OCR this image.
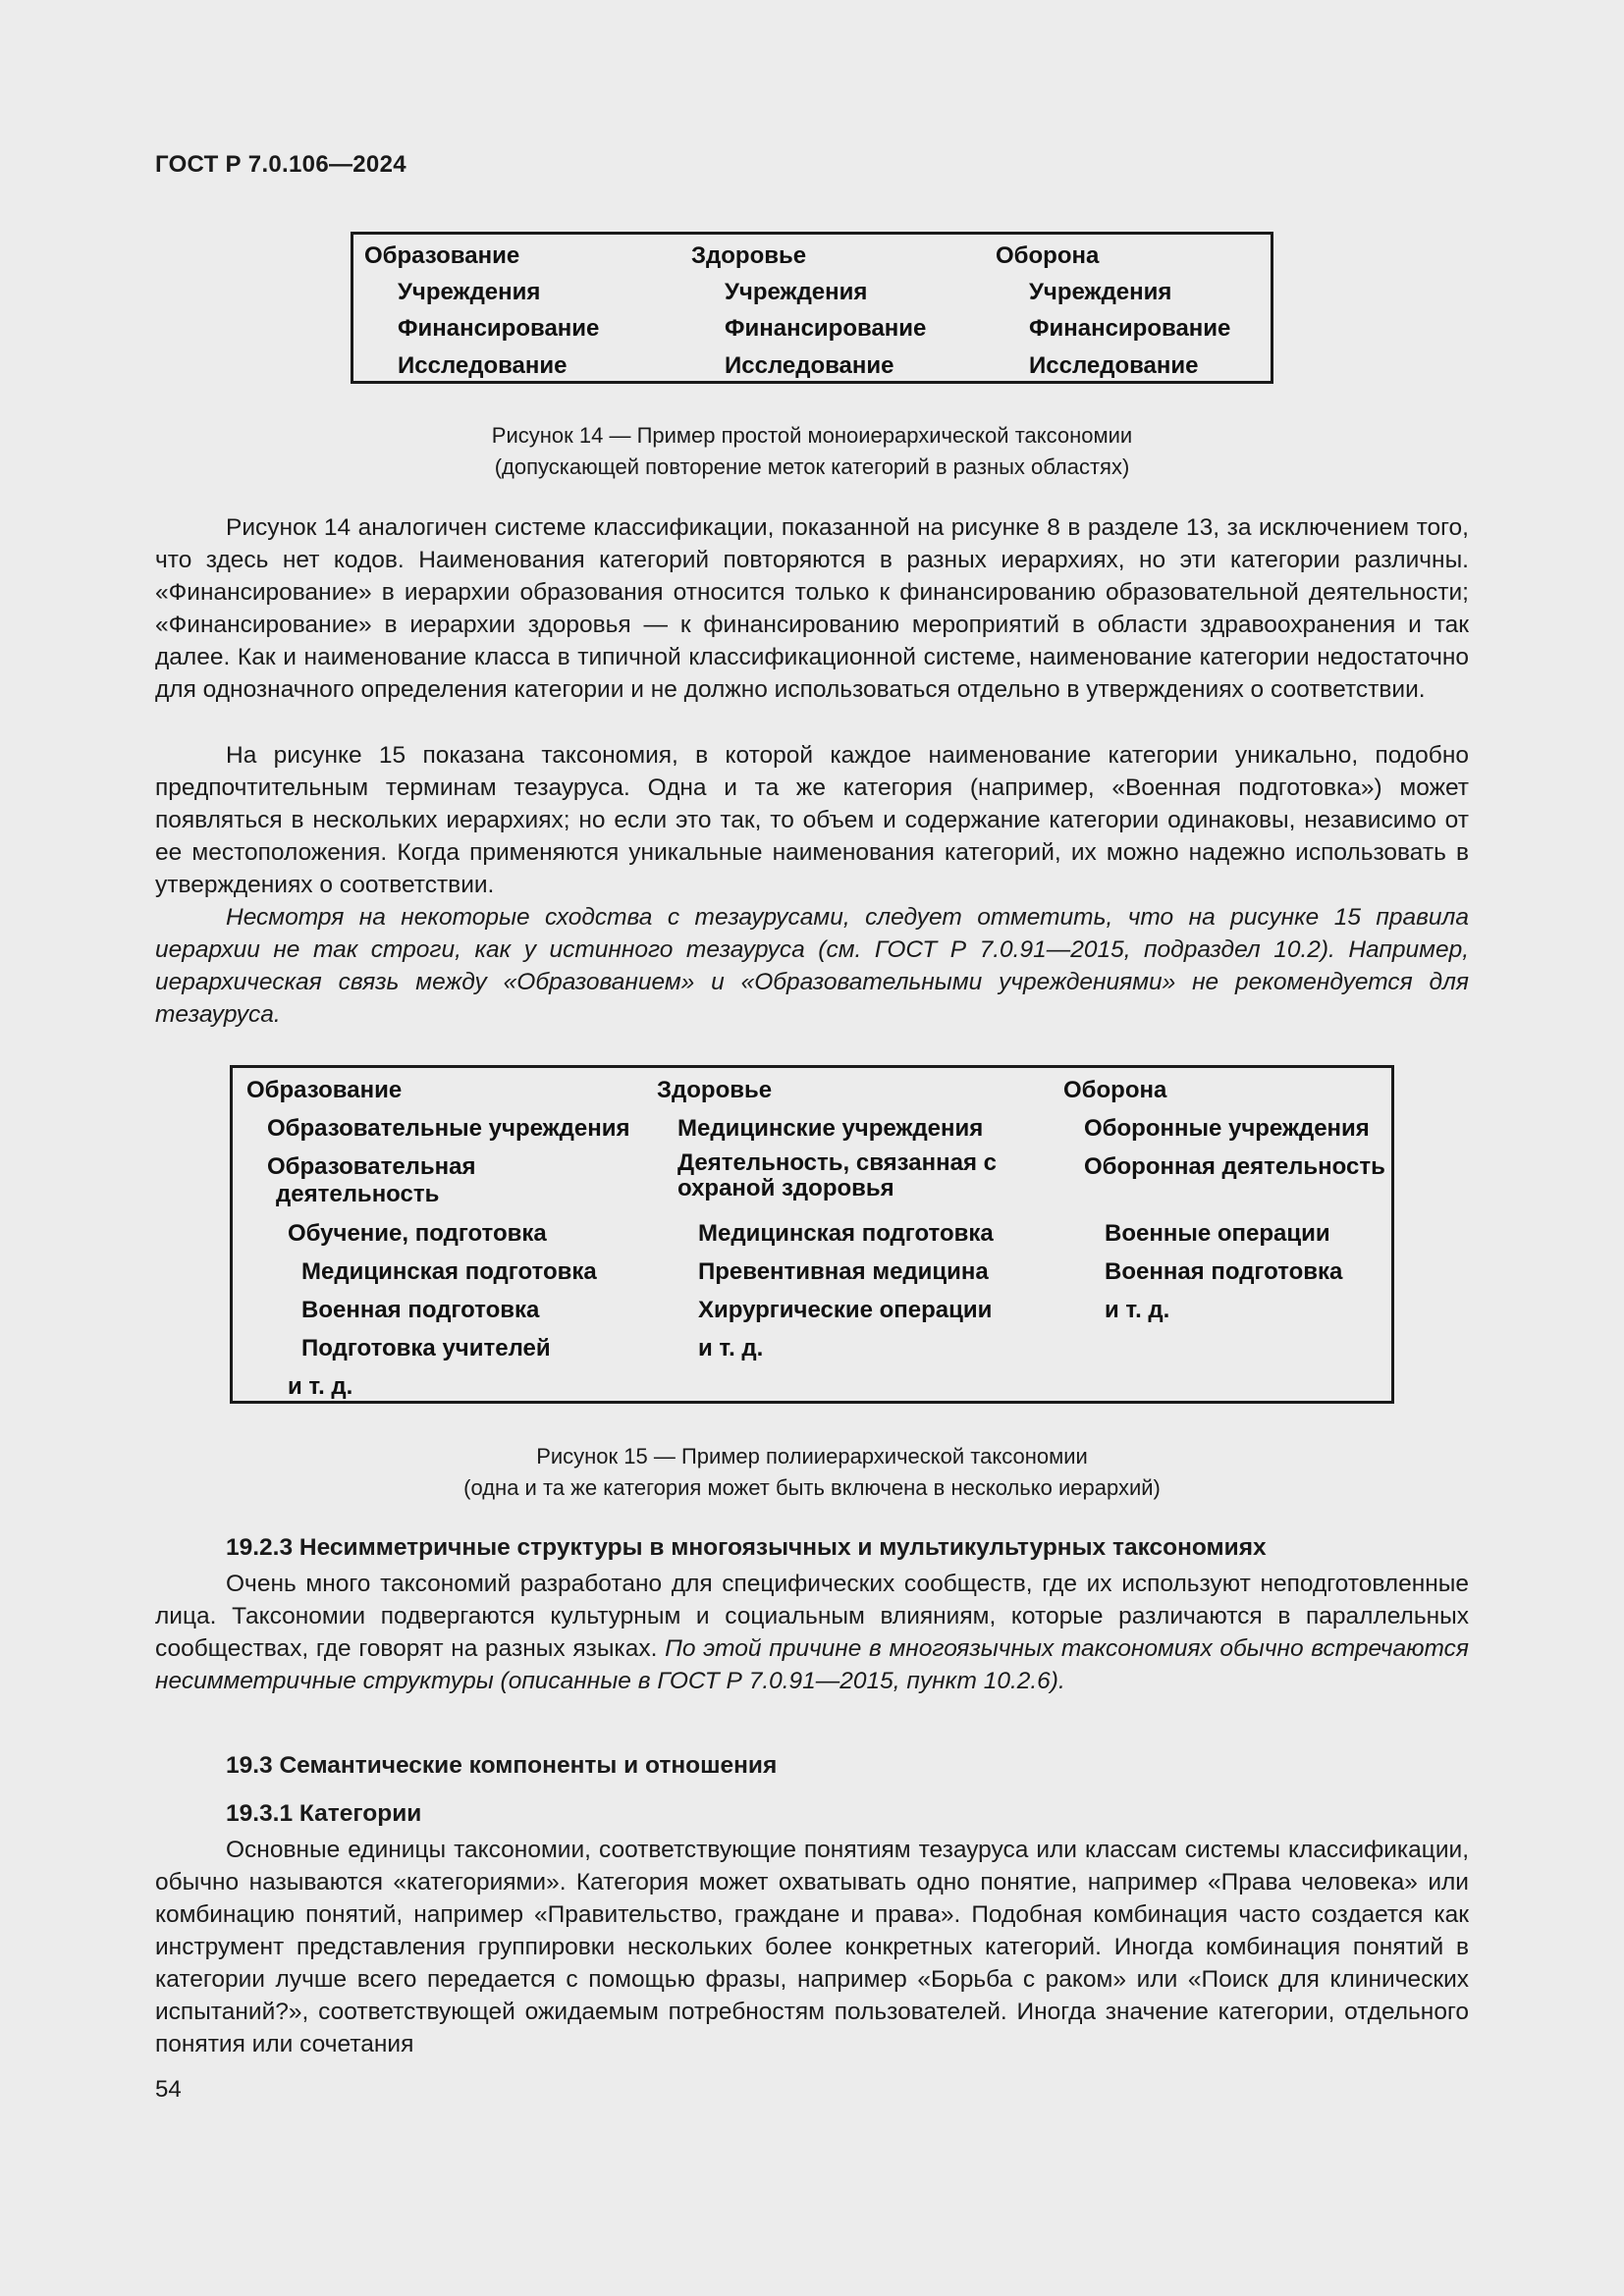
ГОСТ Р 7.0.106—2024
Образование
Учреждения
Финансирование
Исследование
Здоровье
Учреждения
Финансирование
Исследование
Оборона
Учреждения
Финансирование
Исследование
Рисунок 14 — Пример простой моноиерархической таксономии
(допускающей повторение меток категорий в разных областях)

Рисунок 14 аналогичен системе классификации, показанной на рисунке 8 в разделе 13, за исключением того, что здесь нет кодов. Наименования категорий повторяются в разных иерархиях, но эти категории различны. «Финансирование» в иерархии образования относится только к финансированию образовательной деятельности; «Финансирование» в иерархии здоровья — к финансированию мероприятий в области здравоохранения и так далее. Как и наименование класса в типичной классификационной системе, наименование категории недостаточно для однозначного определения категории и не должно использоваться отдельно в утверждениях о соответствии.

На рисунке 15 показана таксономия, в которой каждое наименование категории уникально, подобно предпочтительным терминам тезауруса. Одна и та же категория (например, «Военная подготовка») может появляться в нескольких иерархиях; но если это так, то объем и содержание категории одинаковы, независимо от ее местоположения. Когда применяются уникальные наименования категорий, их можно надежно использовать в утверждениях о соответствии.

Несмотря на некоторые сходства с тезаурусами, следует отметить, что на рисунке 15 правила иерархии не так строги, как у истинного тезауруса (см. ГОСТ Р 7.0.91—2015, подраздел 10.2). Например, иерархическая связь между «Образованием» и «Образовательными учреждениями» не рекомендуется для тезауруса.

Образование
Образовательные учреждения
Образовательная
деятельность
Обучение, подготовка
Медицинская подготовка
Военная подготовка
Подготовка учителей
и т. д.
Здоровье
Медицинские учреждения
Деятельность, связанная с
охраной здоровья
Медицинская подготовка
Превентивная медицина
Хирургические операции
и т. д.
Оборона
Оборонные учреждения
Оборонная деятельность
Военные операции
Военная подготовка
и т. д.
Рисунок 15 — Пример полииерархической таксономии
(одна и та же категория может быть включена в несколько иерархий)
19.2.3 Несимметричные структуры в многоязычных и мультикультурных таксономиях

Очень много таксономий разработано для специфических сообществ, где их используют неподготовленные лица. Таксономии подвергаются культурным и социальным влияниям, которые различаются в параллельных сообществах, где говорят на разных языках. По этой причине в многоязычных таксономиях обычно встречаются несимметричные структуры (описанные в ГОСТ Р 7.0.91—2015, пункт 10.2.6).

19.3 Семантические компоненты и отношения
19.3.1 Категории

Основные единицы таксономии, соответствующие понятиям тезауруса или классам системы классификации, обычно называются «категориями». Категория может охватывать одно понятие, например «Права человека» или комбинацию понятий, например «Правительство, граждане и права». Подобная комбинация часто создается как инструмент представления группировки нескольких более конкретных категорий. Иногда комбинация понятий в категории лучше всего передается с помощью фразы, например «Борьба с раком» или «Поиск для клинических испытаний?», соответствующей ожидаемым потребностям пользователей. Иногда значение категории, отдельного понятия или сочетания

54
